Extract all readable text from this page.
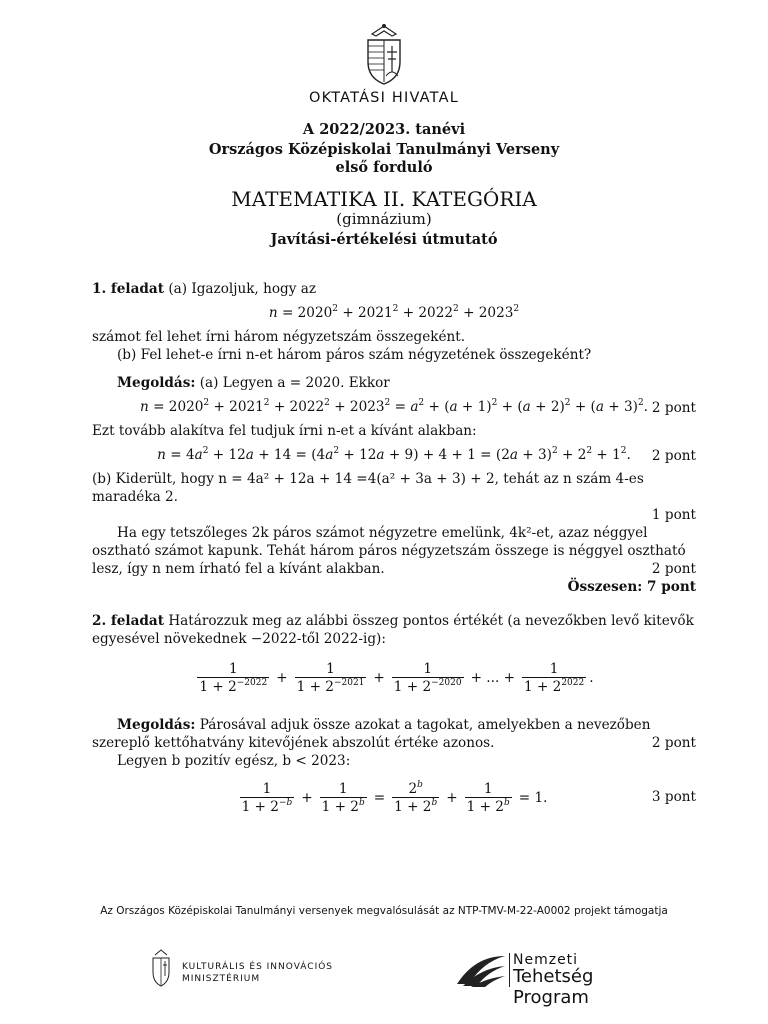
OKTATÁSI HIVATAL
A 2022/2023. tanévi
Országos Középiskolai Tanulmányi Verseny
első forduló
MATEMATIKA II. KATEGÓRIA
(gimnázium)
Javítási-értékelési útmutató

1. feladat (a) Igazoljuk, hogy az

$n = 2020^2 + 2021^2 + 2022^2 + 2023^2$

számot fel lehet írni három négyzetszám összegeként.

(b) Fel lehet-e írni n-et három páros szám négyzetének összegeként?

Megoldás: (a) Legyen a = 2020. Ekkor

$n = 2020^2 + 2021^2 + 2022^2 + 2023^2 = a^2 + (a + 1)^2 + (a + 2)^2 + (a + 3)^2$. 2 pont

Ezt tovább alakítva fel tudjuk írni n-et a kívánt alakban:

$n = 4a^2 + 12a + 14 = (4a^2 + 12a + 9) + 4 + 1 = (2a + 3)^2 + 2^2 + 1^2$. 2 pont

(b) Kiderült, hogy n = 4a² + 12a + 14 =4(a² + 3a + 3) + 2, tehát az n szám 4-es maradéka 2.

1 pont

Ha egy tetszőleges 2k páros számot négyzetre emelünk, 4k²-et, azaz néggyel osztható számot kapunk. Tehát három páros négyzetszám összege is néggyel osztható lesz, így n nem írható fel a kívánt alakban.	2 pont

Összesen: 7 pont

2. feladat Határozzuk meg az alábbi összeg pontos értékét (a nevezőkben levő kitevők egyesével növekednek −2022-től 2022-ig):

$\frac{1}{1 + 2^{-2022}} + \frac{1}{1 + 2^{-2021}} + \frac{1}{1 + 2^{-2020}}$ + ... + $\frac{1}{1 + 2^{2022}}$ .

Megoldás: Párosával adjuk össze azokat a tagokat, amelyekben a nevezőben szereplő kettőhatvány kitevőjének abszolút értéke azonos.	2 pont

Legyen b pozitív egész, b < 2023:

$\frac{1}{1 + 2^{-b}} + \frac{1}{1 + 2^b} = \frac{2^b}{1 + 2^b} + \frac{1}{1 + 2^b} = 1$.	3 pont
Az Országos Középiskolai Tanulmányi versenyek megvalósulását az NTP-TMV-M-22-A0002 projekt támogatja
KULTURÁLIS ÉS INNOVÁCIÓS
MINISZTÉRIUM
Nemzeti
Tehetség Program
